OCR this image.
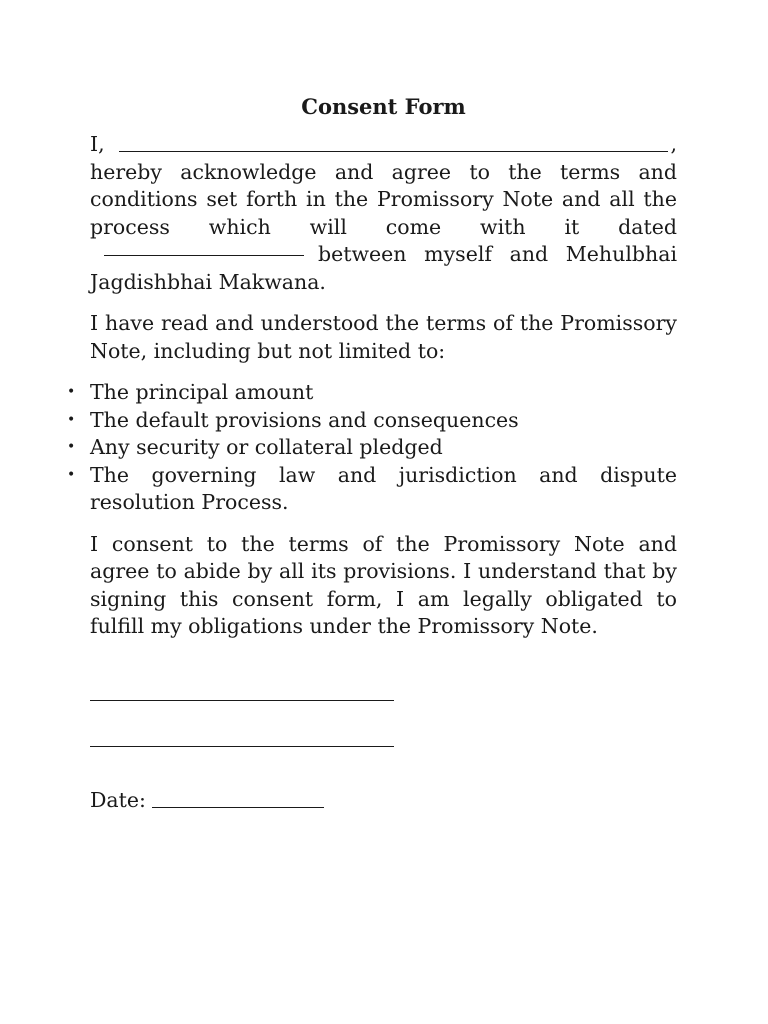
Consent Form
I,	,

hereby acknowledge and agree to the terms and conditions set forth in the Promissory Note and all the process which will come with it datedbetween myself and Mehulbhai Jagdishbhai Makwana.

I have read and understood the terms of the Promissory Note, including but not limited to:

• The principal amount
• The default provisions and consequences
• Any security or collateral pledged
• The governing law and jurisdiction and dispute resolution Process.

I consent to the terms of the Promissory Note and agree to abide by all its provisions. I understand that by signing this consent form, I am legally obligated to fulfill my obligations under the Promissory Note.

Date:
